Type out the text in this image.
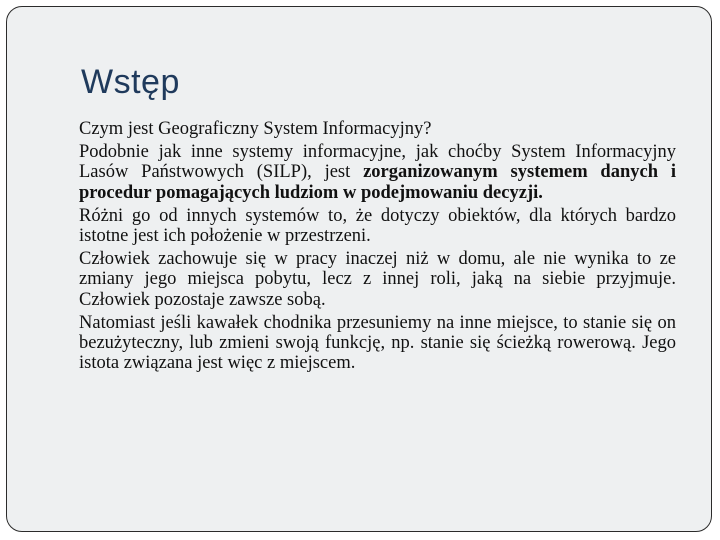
Wstęp

Czym jest Geograficzny System Informacyjny?

Podobnie jak inne systemy informacyjne, jak choćby System Informacyjny Lasów Państwowych (SILP), jest zorganizowanym systemem danych i procedur pomagających ludziom w podejmowaniu decyzji.

Różni go od innych systemów to, że dotyczy obiektów, dla których bardzo istotne jest ich położenie w przestrzeni.

Człowiek zachowuje się w pracy inaczej niż w domu, ale nie wynika to ze zmiany jego miejsca pobytu, lecz z innej roli, jaką na siebie przyjmuje. Człowiek pozostaje zawsze sobą.

Natomiast jeśli kawałek chodnika przesuniemy na inne miejsce, to stanie się on bezużyteczny, lub zmieni swoją funkcję, np. stanie się ścieżką rowerową. Jego istota związana jest więc z miejscem.
